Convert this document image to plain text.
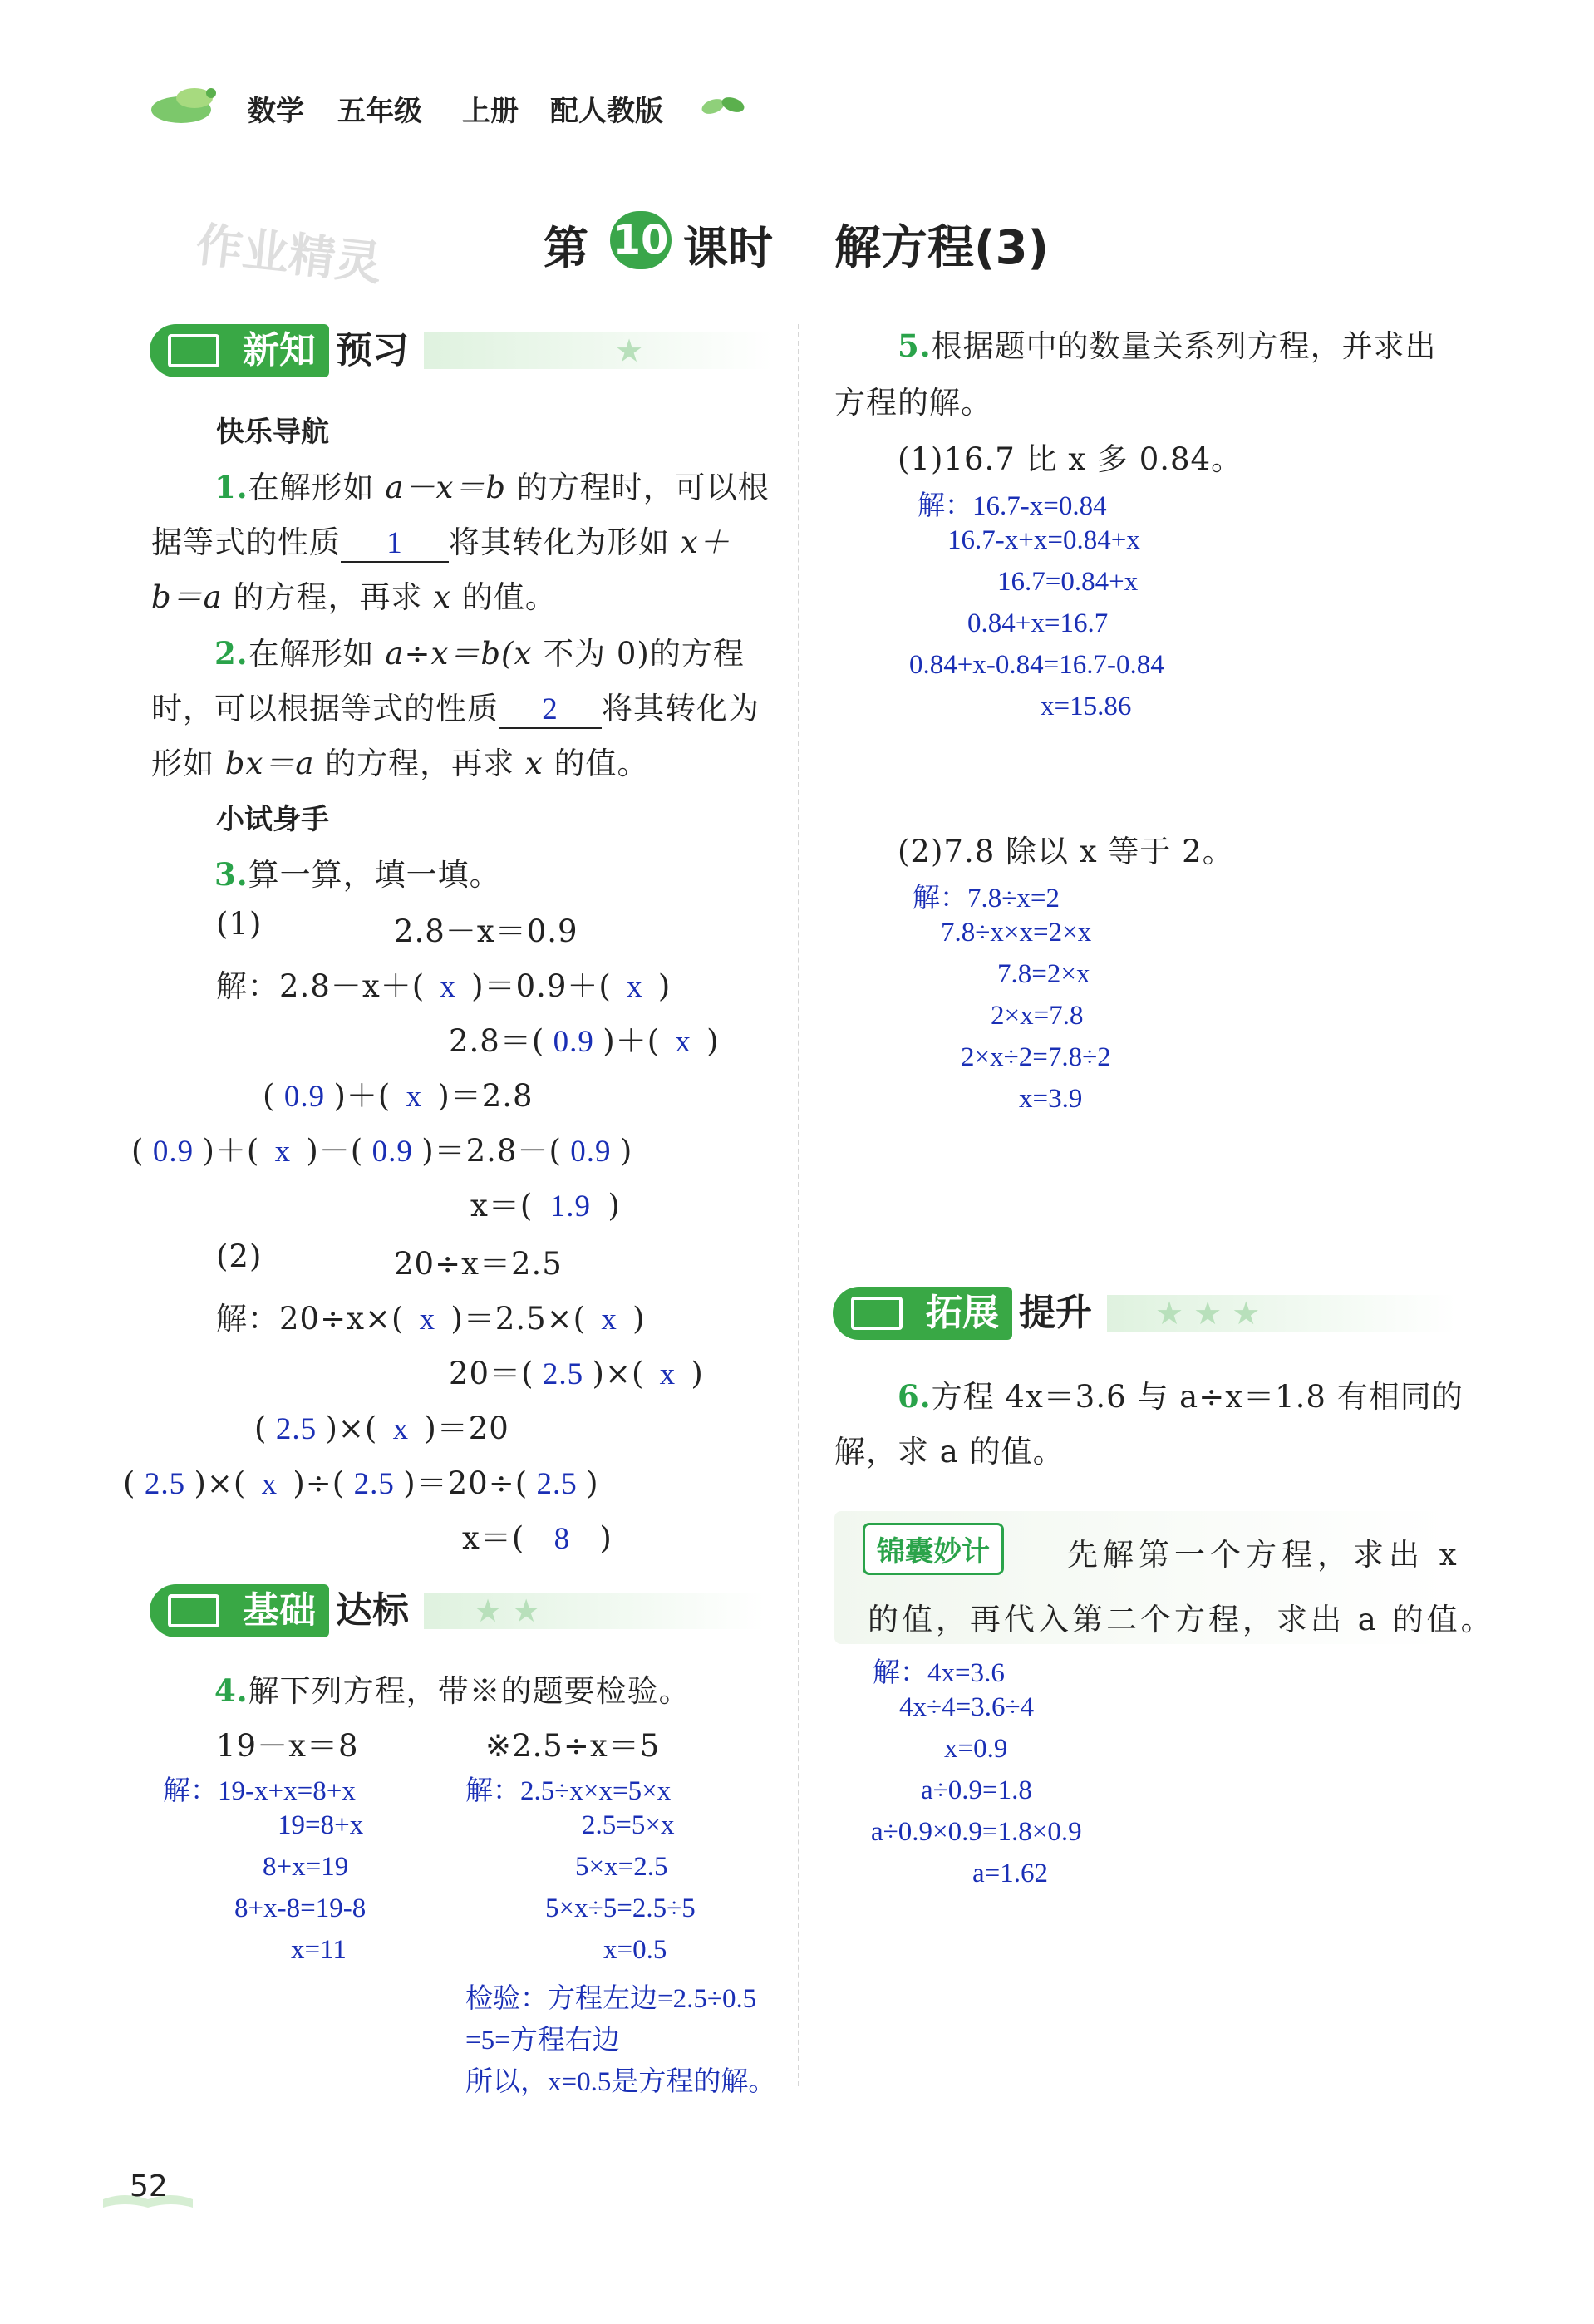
数学 五年级 上册 配人教版
作业精灵	第 10 课时 解方程(3)
新知 预习	★
快乐导航
1.在解形如 a－x＝b 的方程时，可以根
据等式的性质 1 将其转化为形如 x＋
b＝a 的方程，再求 x 的值。
2.在解形如 a÷x＝b(x 不为 0)的方程
时，可以根据等式的性质 2 将其转化为
形如 bx＝a 的方程，再求 x 的值。
小试身手
3.算一算，填一填。
(1)	2.8－x＝0.9
解：2.8－x＋( x )＝0.9＋( x )
2.8＝( 0.9 )＋( x )
( 0.9 )＋( x )＝2.8
( 0.9 )＋( x )－( 0.9 )＝2.8－( 0.9 )
x＝( 1.9 )
(2)	20÷x＝2.5
解：20÷x×( x )＝2.5×( x )
20＝( 2.5 )×( x )
( 2.5 )×( x )＝20
( 2.5 )×( x )÷( 2.5 )＝20÷( 2.5 )
x＝( 8 )
基础 达标 ★ ★
4.解下列方程，带※的题要检验。
19－x＝8	※2.5÷x＝5
解：19-x+x=8+x
19=8+x
8+x=19
8+x-8=19-8
x=11
解：2.5÷x×x=5×x
2.5=5×x
5×x=2.5
5×x÷5=2.5÷5
x=0.5
检验：方程左边=2.5÷0.5
=5=方程右边
所以，x=0.5是方程的解。
5.根据题中的数量关系列方程，并求出
方程的解。
(1)16.7 比 x 多 0.84。
解：16.7-x=0.84
16.7-x+x=0.84+x
16.7=0.84+x
0.84+x=16.7
0.84+x-0.84=16.7-0.84
x=15.86
(2)7.8 除以 x 等于 2。
解：7.8÷x=2
7.8÷x×x=2×x
7.8=2×x
2×x=7.8
2×x÷2=7.8÷2
x=3.9
拓展 提升 ★ ★ ★
6.方程 4x＝3.6 与 a÷x＝1.8 有相同的
解，求 a 的值。
锦囊妙计	先解第一个方程，求出 x
的值，再代入第二个方程，求出 a 的值。
解：4x=3.6
4x÷4=3.6÷4
x=0.9
a÷0.9=1.8
a÷0.9×0.9=1.8×0.9
a=1.62
52
